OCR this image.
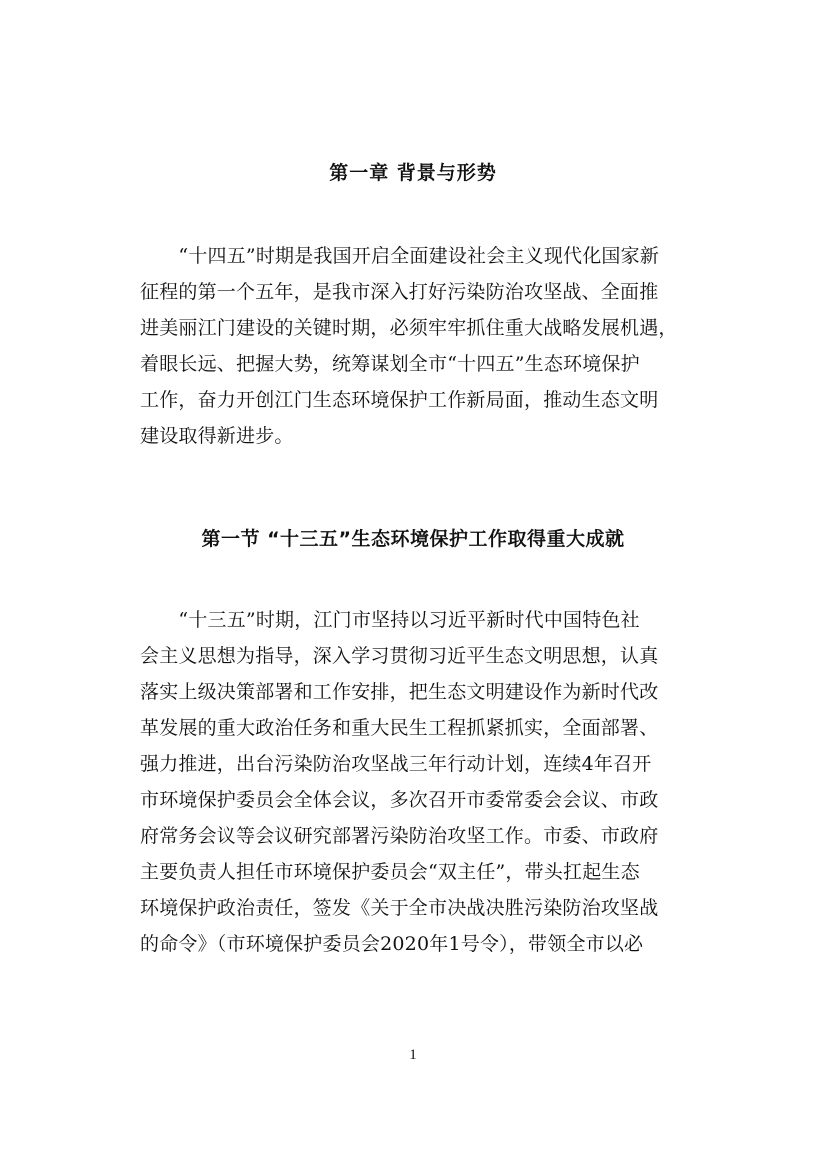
第一章 背景与形势
　　“十四五”时期是我国开启全面建设社会主义现代化国家新
征程的第一个五年，是我市深入打好污染防治攻坚战、全面推
进美丽江门建设的关键时期，必须牢牢抓住重大战略发展机遇，
着眼长远、把握大势，统筹谋划全市“十四五”生态环境保护
工作，奋力开创江门生态环境保护工作新局面，推动生态文明
建设取得新进步。
第一节 “十三五”生态环境保护工作取得重大成就
　　“十三五”时期，江门市坚持以习近平新时代中国特色社
会主义思想为指导，深入学习贯彻习近平生态文明思想，认真
落实上级决策部署和工作安排，把生态文明建设作为新时代改
革发展的重大政治任务和重大民生工程抓紧抓实，全面部署、
强力推进，出台污染防治攻坚战三年行动计划，连续4年召开
市环境保护委员会全体会议，多次召开市委常委会会议、市政
府常务会议等会议研究部署污染防治攻坚工作。市委、市政府
主要负责人担任市环境保护委员会“双主任”，带头扛起生态
环境保护政治责任，签发《关于全市决战决胜污染防治攻坚战
的命令》（市环境保护委员会2020年1号令），带领全市以必
1
